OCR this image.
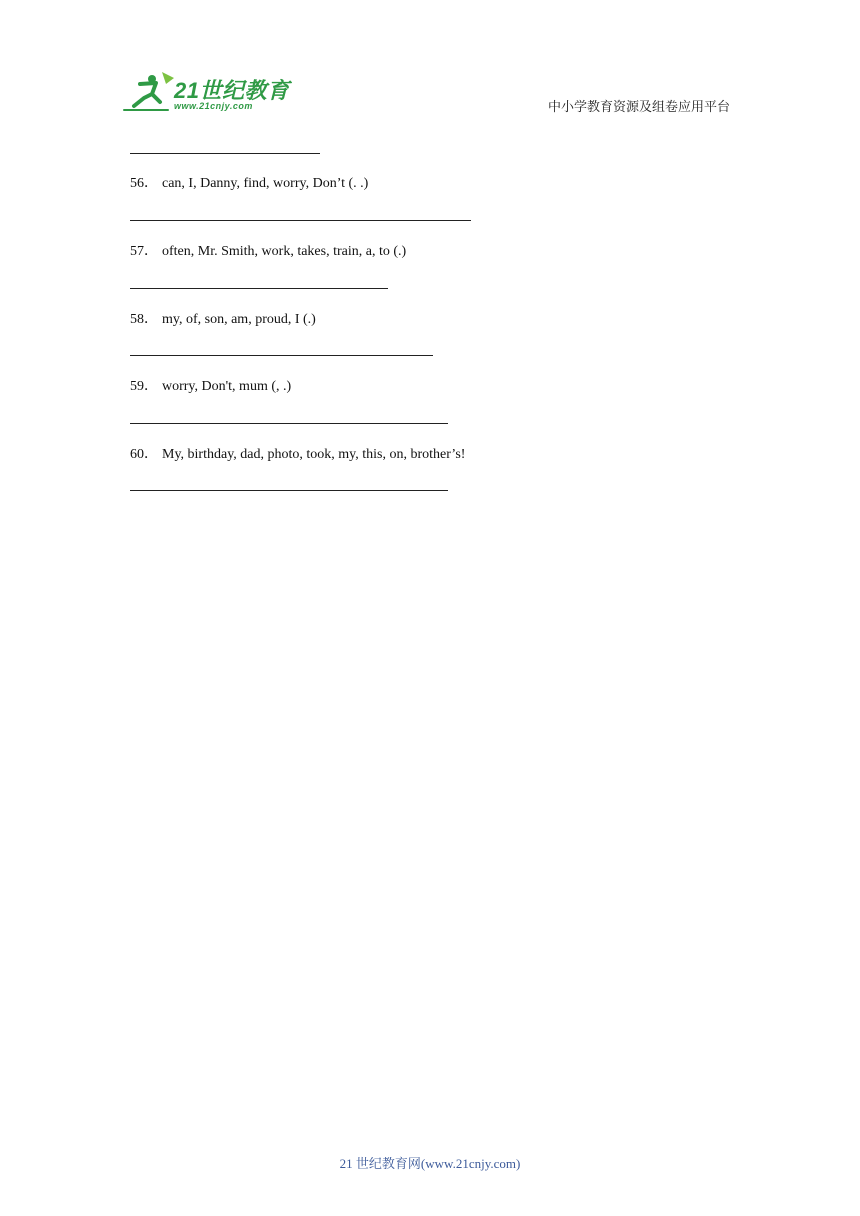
21世纪教育
www.21cnjy.com	中小学教育资源及组卷应用平台
56． can, I, Danny, find, worry, Don’t (. .)
57． often, Mr. Smith, work, takes, train, a, to (.)
58． my, of, son, am, proud, I (.)
59． worry, Don't, mum (, .)
60． My, birthday, dad, photo, took, my, this, on, brother’s!
21 世纪教育网(www.21cnjy.com)
